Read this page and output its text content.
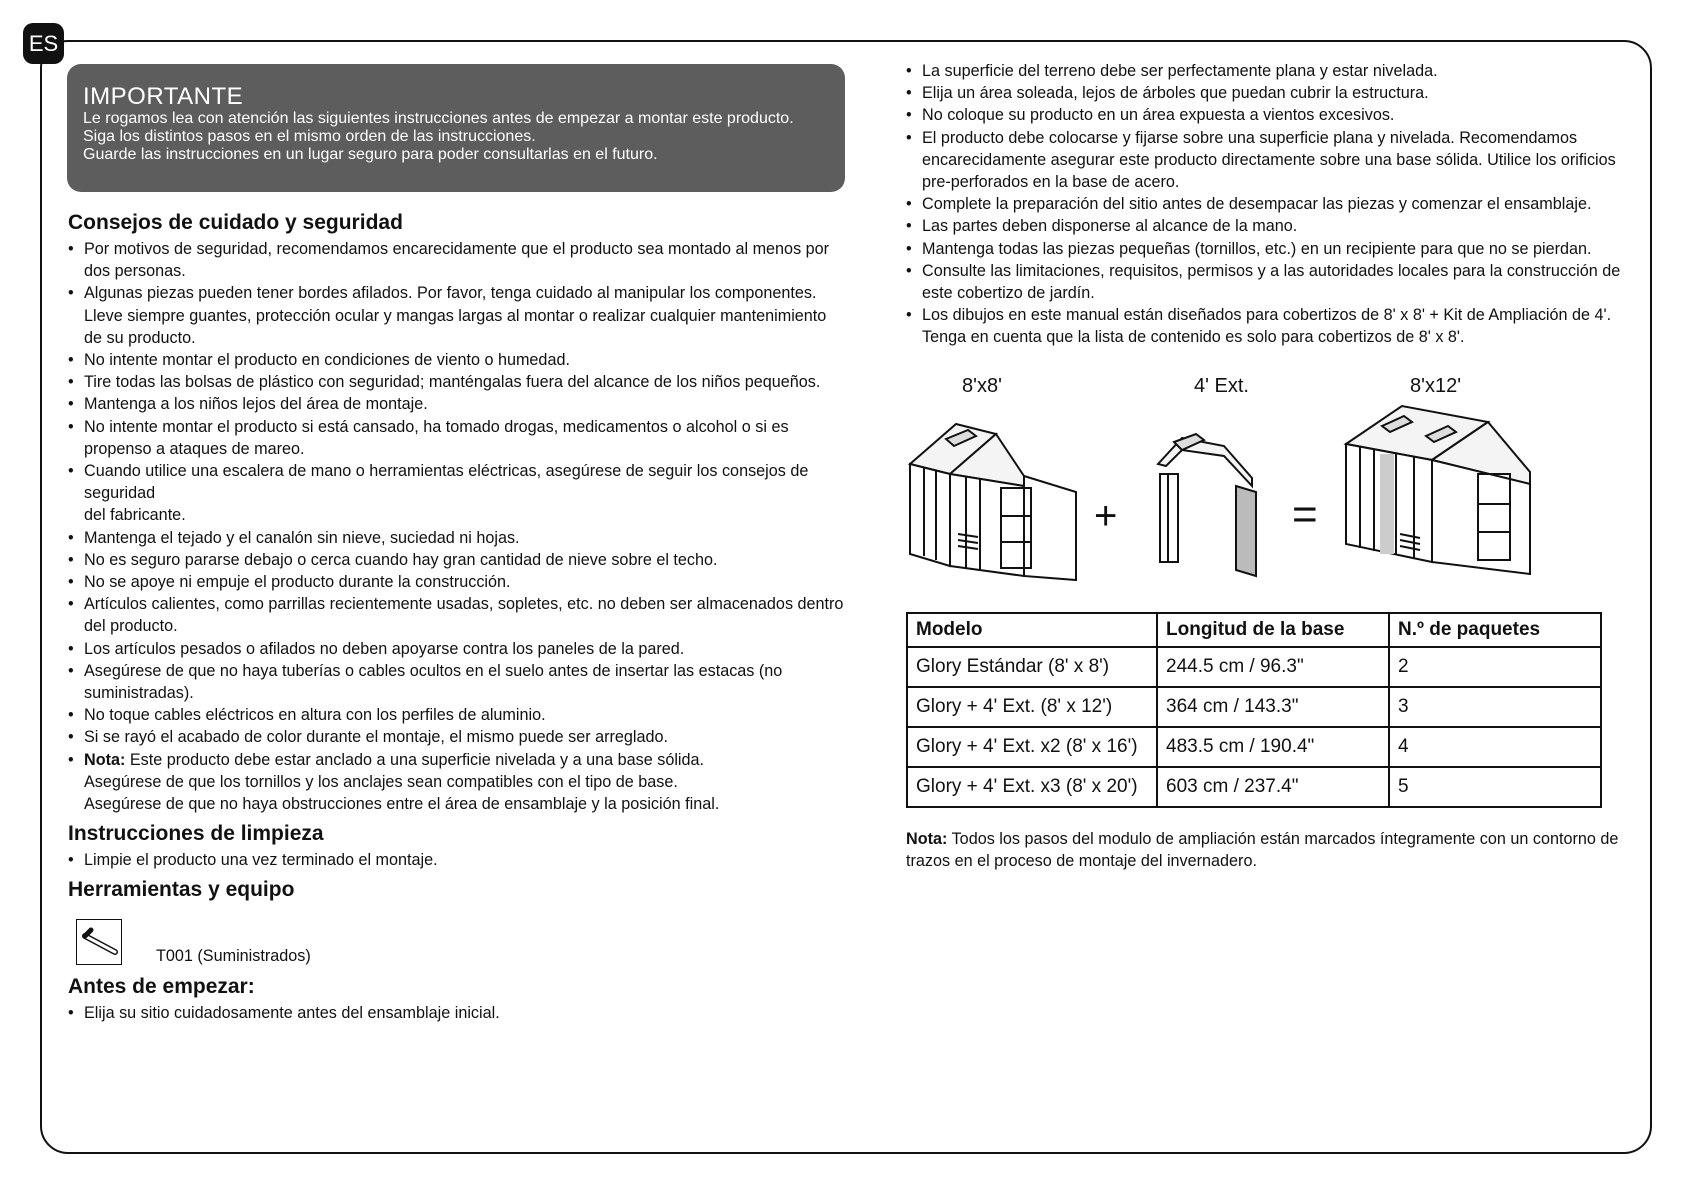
ES
IMPORTANTE

Le rogamos lea con atención las siguientes instrucciones antes de empezar a montar este producto.

Siga los distintos pasos en el mismo orden de las instrucciones.

Guarde las instrucciones en un lugar seguro para poder consultarlas en el futuro.

Consejos de cuidado y seguridad
• Por motivos de seguridad, recomendamos encarecidamente que el producto sea montado al menos por dos personas.
• Algunas piezas pueden tener bordes afilados. Por favor, tenga cuidado al manipular los componentes. Lleve siempre guantes, protección ocular y mangas largas al montar o realizar cualquier mantenimiento de su producto.
• No intente montar el producto en condiciones de viento o humedad.
• Tire todas las bolsas de plástico con seguridad; manténgalas fuera del alcance de los niños pequeños.
• Mantenga a los niños lejos del área de montaje.
• No intente montar el producto si está cansado, ha tomado drogas, medicamentos o alcohol o si es propenso a ataques de mareo.
• Cuando utilice una escalera de mano o herramientas eléctricas, asegúrese de seguir los consejos de seguridad
del fabricante.
• Mantenga el tejado y el canalón sin nieve, suciedad ni hojas.
• No es seguro pararse debajo o cerca cuando hay gran cantidad de nieve sobre el techo.
• No se apoye ni empuje el producto durante la construcción.
• Artículos calientes, como parrillas recientemente usadas, sopletes, etc. no deben ser almacenados dentro del producto.
• Los artículos pesados o afilados no deben apoyarse contra los paneles de la pared.
• Asegúrese de que no haya tuberías o cables ocultos en el suelo antes de insertar las estacas (no suministradas).
• No toque cables eléctricos en altura con los perfiles de aluminio.
• Si se rayó el acabado de color durante el montaje, el mismo puede ser arreglado.
• Nota: Este producto debe estar anclado a una superficie nivelada y a una base sólida.
Asegúrese de que los tornillos y los anclajes sean compatibles con el tipo de base.
Asegúrese de que no haya obstrucciones entre el área de ensamblaje y la posición final.
Instrucciones de limpieza
• Limpie el producto una vez terminado el montaje.
Herramientas y equipo
T001 (Suministrados)
Antes de empezar:
• Elija su sitio cuidadosamente antes del ensamblaje inicial.
• La superficie del terreno debe ser perfectamente plana y estar nivelada.
• Elija un área soleada, lejos de árboles que puedan cubrir la estructura.
• No coloque su producto en un área expuesta a vientos excesivos.
• El producto debe colocarse y fijarse sobre una superficie plana y nivelada. Recomendamos encarecidamente asegurar este producto directamente sobre una base sólida. Utilice los orificios pre-perforados en la base de acero.
• Complete la preparación del sitio antes de desempacar las piezas y comenzar el ensamblaje.
• Las partes deben disponerse al alcance de la mano.
• Mantenga todas las piezas pequeñas (tornillos, etc.) en un recipiente para que no se pierdan.
• Consulte las limitaciones, requisitos, permisos y a las autoridades locales para la construcción de este cobertizo de jardín.
• Los dibujos en este manual están diseñados para cobertizos de 8' x 8' + Kit de Ampliación de 4'. Tenga en cuenta que la lista de contenido es solo para cobertizos de 8' x 8'.
8'x8'	4' Ext.	8'x12'
+	=
Modelo	Longitud de la base	N.º de paquetes
Glory Estándar (8' x 8')	244.5 cm / 96.3"	2
Glory + 4' Ext. (8' x 12')	364 cm / 143.3"	3
Glory + 4' Ext. x2 (8' x 16')	483.5 cm / 190.4"	4
Glory + 4' Ext. x3 (8' x 20')	603 cm / 237.4"	5
Nota: Todos los pasos del modulo de ampliación están marcados íntegramente con un contorno de trazos en el proceso de montaje del invernadero.
